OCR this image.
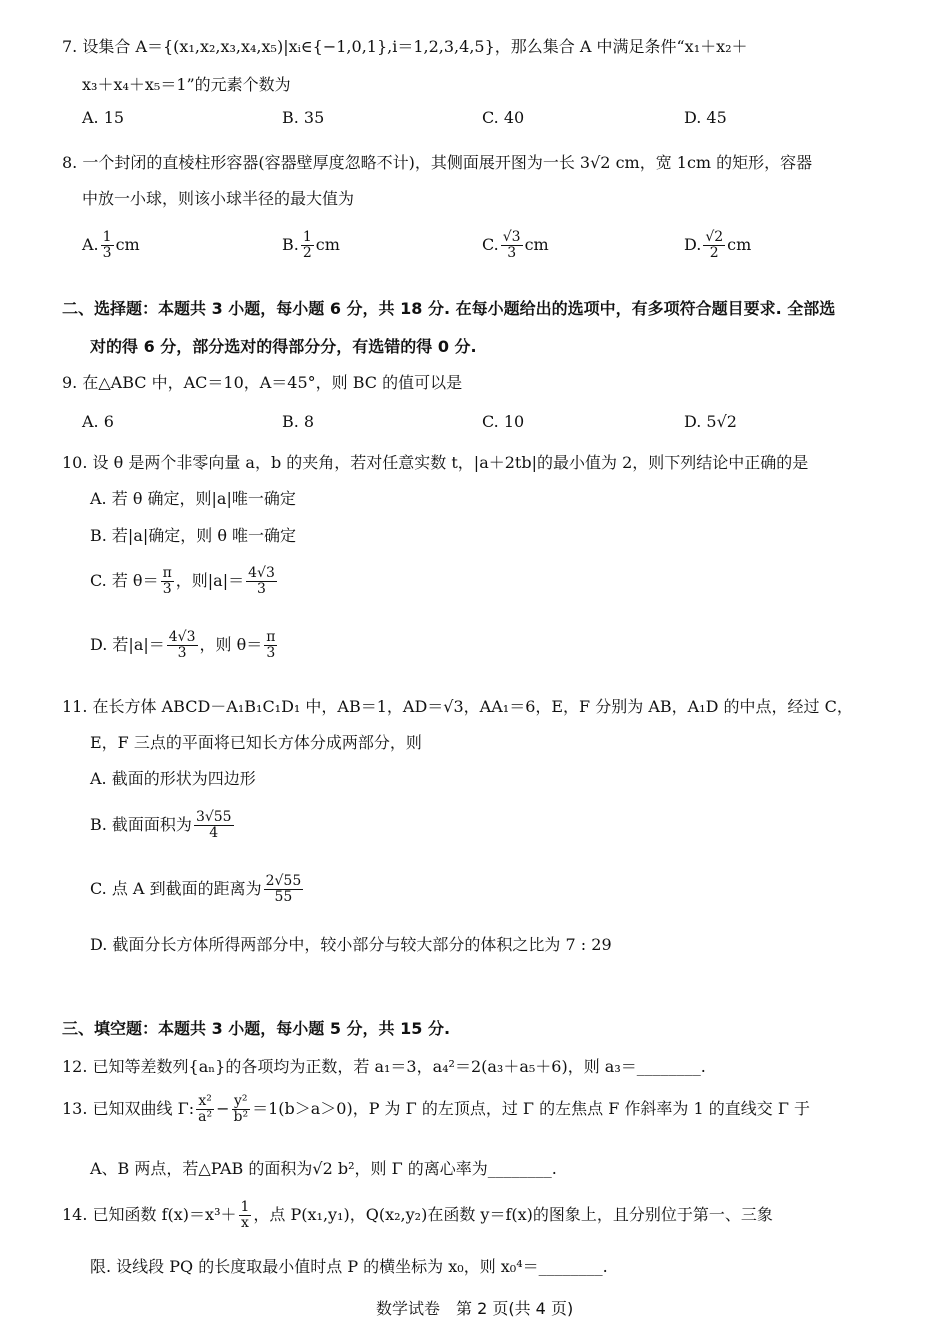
7. 设集合 A＝{(x₁,x₂,x₃,x₄,x₅)|xᵢ∈{−1,0,1},i＝1,2,3,4,5}，那么集合 A 中满足条件“x₁＋x₂＋
x₃＋x₄＋x₅＝1”的元素个数为
A. 15	B. 35	C. 40	D. 45
8. 一个封闭的直棱柱形容器(容器壁厚度忽略不计)，其侧面展开图为一长 3√2 cm，宽 1cm 的矩形，容器
中放一小球，则该小球半径的最大值为
A. $\frac{1}{3}$ cm	B. $\frac{1}{2}$ cm	C. $\frac{√3}{3}$ cm	D. $\frac{√2}{2}$ cm
二、选择题：本题共 3 小题，每小题 6 分，共 18 分. 在每小题给出的选项中，有多项符合题目要求. 全部选
对的得 6 分，部分选对的得部分分，有选错的得 0 分.
9. 在△ABC 中，AC＝10，A＝45°，则 BC 的值可以是
A. 6	B. 8	C. 10	D. 5√2
10. 设 θ 是两个非零向量 a，b 的夹角，若对任意实数 t，|a＋2tb|的最小值为 2，则下列结论中正确的是
A. 若 θ 确定，则|a|唯一确定
B. 若|a|确定，则 θ 唯一确定
C. 若 $\theta= \frac{\pi}{3}$ ，则$|a|= \frac{4√3}{3}$
D. 若$|a|= \frac{4√3}{3}$ ，则 $\theta= \frac{\pi}{3}$
11. 在长方体 ABCD－A₁B₁C₁D₁ 中，AB＝1，AD＝√3，AA₁＝6，E，F 分别为 AB，A₁D 的中点，经过 C，
E，F 三点的平面将已知长方体分成两部分，则
A. 截面的形状为四边形
B. 截面面积为 $\frac{3√55}{4}$
C. 点 A 到截面的距离为 $\frac{2√55}{55}$
D. 截面分长方体所得两部分中，较小部分与较大部分的体积之比为 7 : 29
三、填空题：本题共 3 小题，每小题 5 分，共 15 分.
12. 已知等差数列{aₙ}的各项均为正数，若 a₁＝3，a₄²＝2(a₃＋a₅＋6)，则 a₃＝________.
13. 已知双曲线 Γ: $\frac{\text{x²}}{\text{a²}} - \frac{\text{y²}}{\text{b²}} =1(b>a>0)$，P 为 Γ 的左顶点，过 Γ 的左焦点 F 作斜率为 1 的直线交 Γ 于
A、B 两点，若△PAB 的面积为√2 b²，则 Γ 的离心率为________.
14. 已知函数 $f(x)=x^3+ \frac{1}{x}$ ，点 P(x₁,y₁)，Q(x₂,y₂)在函数 y＝f(x)的图象上，且分别位于第一、三象
限. 设线段 PQ 的长度取最小值时点 P 的横坐标为 x₀，则 x₀⁴＝________.
数学试卷　第 2 页(共 4 页)
